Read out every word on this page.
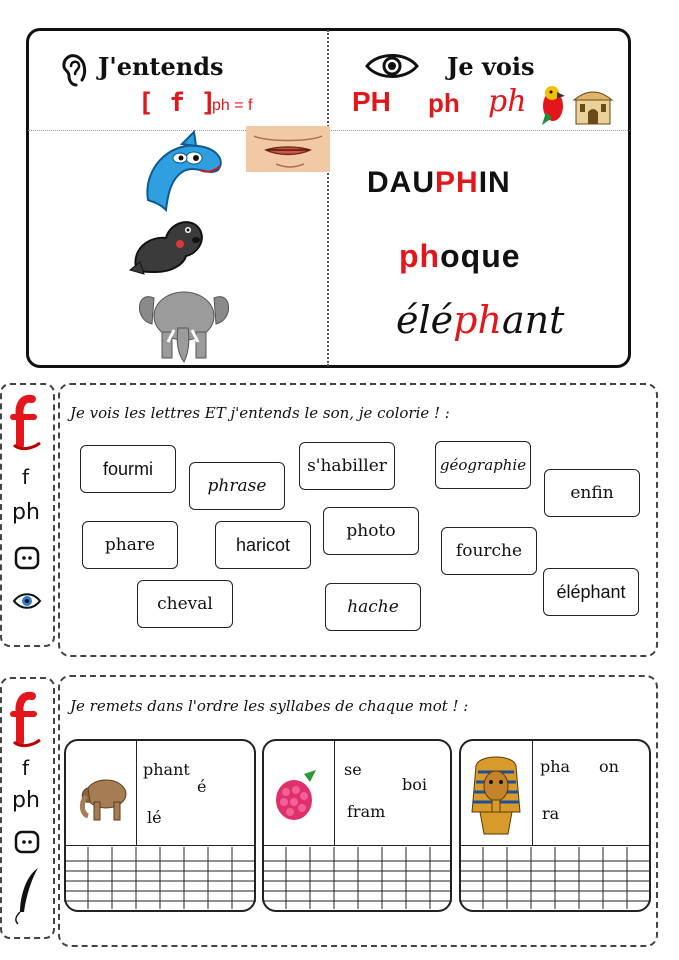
J'entends	Je vois
[ f ]
ph = f	PH ph ph
DAUPHIN
phoque
éléphant
f
ph
Je vois les lettres ET j'entends le son, je colorie ! :
fourmi
phrase
s'habiller	géographie
enfin
phare	haricot
photo
fourche
cheval	hache
éléphant
f
ph
Je remets dans l'ordre les syllabes de chaque mot ! :
phant
é
lé
se
boi
fram
pha on
ra
